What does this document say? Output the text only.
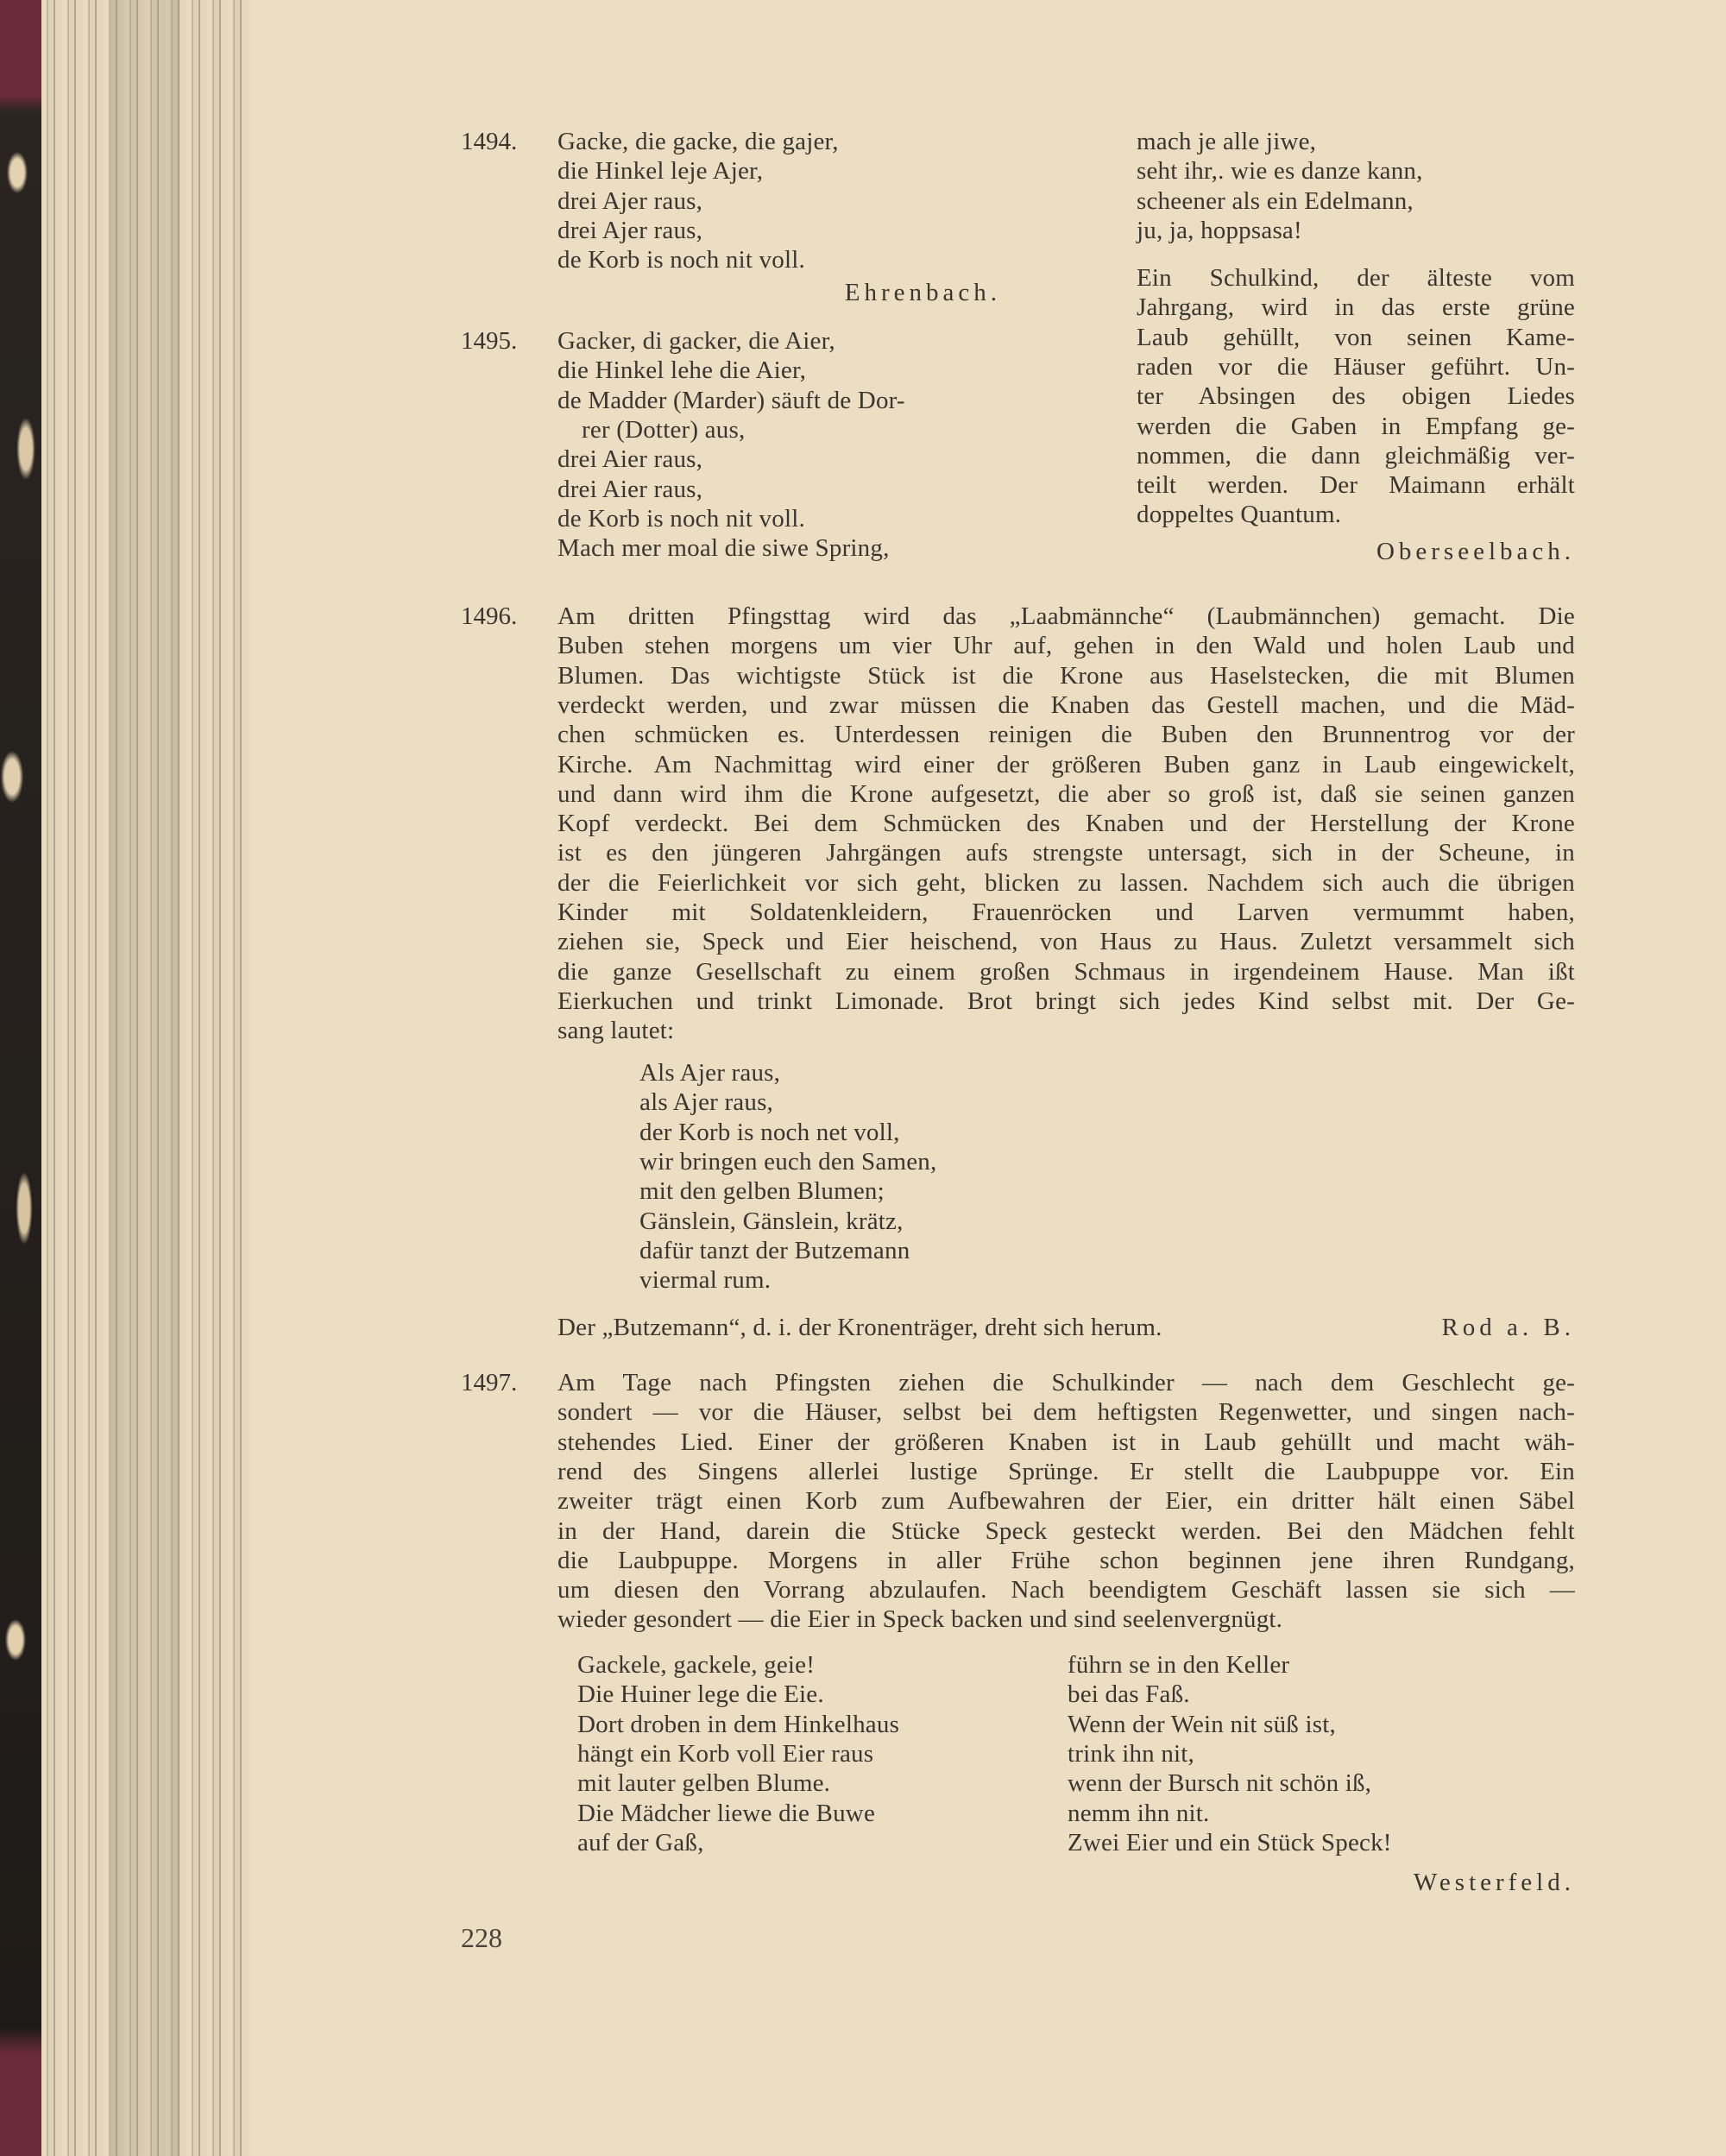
1494. Gacke, die gacke, die gajer,
die Hinkel leje Ajer,
drei Ajer raus,
drei Ajer raus,
de Korb is noch nit voll.
Ehrenbach.
mach je alle jiwe,
seht ihr,. wie es danze kann,
scheener als ein Edelmann,
ju, ja, hoppsasa!
Ein Schulkind, der älteste vom
Jahrgang, wird in das erste grüne
Laub gehüllt, von seinen Kame-
raden vor die Häuser geführt. Un-
ter Absingen des obigen Liedes
werden die Gaben in Empfang ge-
nommen, die dann gleichmäßig ver-
teilt werden. Der Maimann erhält
doppeltes Quantum.
Oberseelbach.
1495. Gacker, di gacker, die Aier,
die Hinkel lehe die Aier,
de Madder (Marder) säuft de Dor-
rer (Dotter) aus,
drei Aier raus,
drei Aier raus,
de Korb is noch nit voll.
Mach mer moal die siwe Spring,
1496. Am dritten Pfingsttag wird das „Laabmännche“ (Laubmännchen) gemacht. Die
Buben stehen morgens um vier Uhr auf, gehen in den Wald und holen Laub und
Blumen. Das wichtigste Stück ist die Krone aus Haselstecken, die mit Blumen
verdeckt werden, und zwar müssen die Knaben das Gestell machen, und die Mäd-
chen schmücken es. Unterdessen reinigen die Buben den Brunnentrog vor der
Kirche. Am Nachmittag wird einer der größeren Buben ganz in Laub eingewickelt,
und dann wird ihm die Krone aufgesetzt, die aber so groß ist, daß sie seinen ganzen
Kopf verdeckt. Bei dem Schmücken des Knaben und der Herstellung der Krone
ist es den jüngeren Jahrgängen aufs strengste untersagt, sich in der Scheune, in
der die Feierlichkeit vor sich geht, blicken zu lassen. Nachdem sich auch die übrigen
Kinder mit Soldatenkleidern, Frauenröcken und Larven vermummt haben,
ziehen sie, Speck und Eier heischend, von Haus zu Haus. Zuletzt versammelt sich
die ganze Gesellschaft zu einem großen Schmaus in irgendeinem Hause. Man ißt
Eierkuchen und trinkt Limonade. Brot bringt sich jedes Kind selbst mit. Der Ge-
sang lautet:
Als Ajer raus,
als Ajer raus,
der Korb is noch net voll,
wir bringen euch den Samen,
mit den gelben Blumen;
Gänslein, Gänslein, krätz,
dafür tanzt der Butzemann
viermal rum.
Der „Butzemann“, d. i. der Kronenträger, dreht sich herum.	Rod a. B.
1497. Am Tage nach Pfingsten ziehen die Schulkinder — nach dem Geschlecht ge-
sondert — vor die Häuser, selbst bei dem heftigsten Regenwetter, und singen nach-
stehendes Lied. Einer der größeren Knaben ist in Laub gehüllt und macht wäh-
rend des Singens allerlei lustige Sprünge. Er stellt die Laubpuppe vor. Ein
zweiter trägt einen Korb zum Aufbewahren der Eier, ein dritter hält einen Säbel
in der Hand, darein die Stücke Speck gesteckt werden. Bei den Mädchen fehlt
die Laubpuppe. Morgens in aller Frühe schon beginnen jene ihren Rundgang,
um diesen den Vorrang abzulaufen. Nach beendigtem Geschäft lassen sie sich —
wieder gesondert — die Eier in Speck backen und sind seelenvergnügt.
Gackele, gackele, geie!
Die Huiner lege die Eie.
Dort droben in dem Hinkelhaus
hängt ein Korb voll Eier raus
mit lauter gelben Blume.
Die Mädcher liewe die Buwe
auf der Gaß,
führn se in den Keller
bei das Faß.
Wenn der Wein nit süß ist,
trink ihn nit,
wenn der Bursch nit schön iß,
nemm ihn nit.
Zwei Eier und ein Stück Speck!
Westerfeld.
228
